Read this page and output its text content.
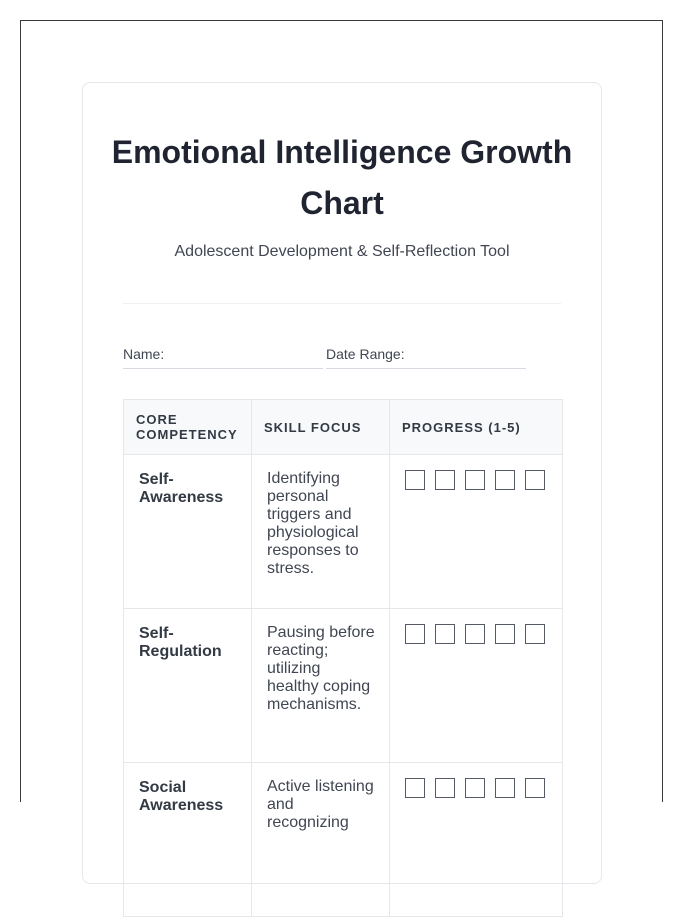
Emotional Intelligence Growth Chart

Adolescent Development & Self-Reflection Tool

Name:	Date Range:
CORE COMPETENCY	SKILL FOCUS	PROGRESS (1-5)
Self-Awareness	Identifying personal triggers and physiological responses to stress.	

Self-Regulation	Pausing before reacting; utilizing healthy coping mechanisms.	

Social Awareness	Active listening and recognizing	
